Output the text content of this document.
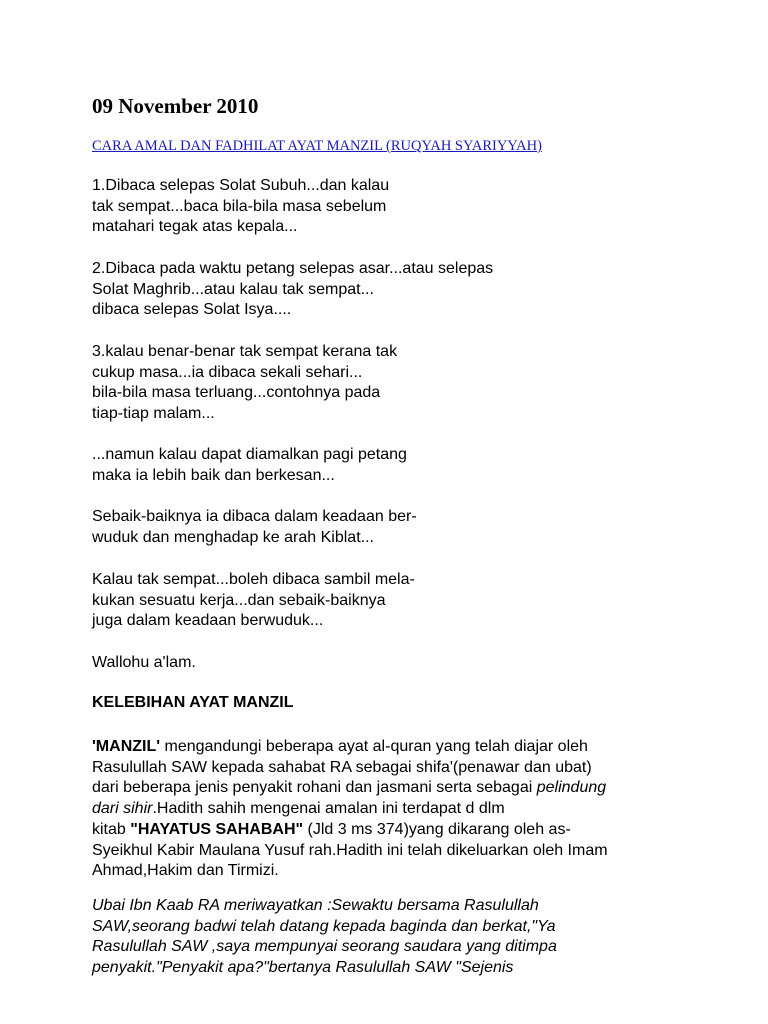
09 November 2010
CARA AMAL DAN FADHILAT AYAT MANZIL (RUQYAH SYARIYYAH)
1.Dibaca selepas Solat Subuh...dan kalau
tak sempat...baca bila-bila masa sebelum
matahari tegak atas kepala...
2.Dibaca pada waktu petang selepas asar...atau selepas
Solat Maghrib...atau kalau tak sempat...
dibaca selepas Solat Isya....
3.kalau benar-benar tak sempat kerana tak
cukup masa...ia dibaca sekali sehari...
bila-bila masa terluang...contohnya pada
tiap-tiap malam...
...namun kalau dapat diamalkan pagi petang
maka ia lebih baik dan berkesan...
Sebaik-baiknya ia dibaca dalam keadaan ber-
wuduk dan menghadap ke arah Kiblat...
Kalau tak sempat...boleh dibaca sambil mela-
kukan sesuatu kerja...dan sebaik-baiknya
juga dalam keadaan berwuduk...
Wallohu a'lam.
KELEBIHAN AYAT MANZIL
'MANZIL' mengandungi beberapa ayat al-quran yang telah diajar oleh
Rasulullah SAW kepada sahabat RA sebagai shifa'(penawar dan ubat)
dari beberapa jenis penyakit rohani dan jasmani serta sebagai pelindung
dari sihir.Hadith sahih mengenai amalan ini terdapat d dlm
kitab "HAYATUS SAHABAH" (Jld 3 ms 374)yang dikarang oleh as-
Syeikhul Kabir Maulana Yusuf rah.Hadith ini telah dikeluarkan oleh Imam
Ahmad,Hakim dan Tirmizi.
Ubai Ibn Kaab RA meriwayatkan :Sewaktu bersama Rasulullah
SAW,seorang badwi telah datang kepada baginda dan berkat,"Ya
Rasulullah SAW ,saya mempunyai seorang saudara yang ditimpa
penyakit."Penyakit apa?"bertanya Rasulullah SAW "Sejenis
